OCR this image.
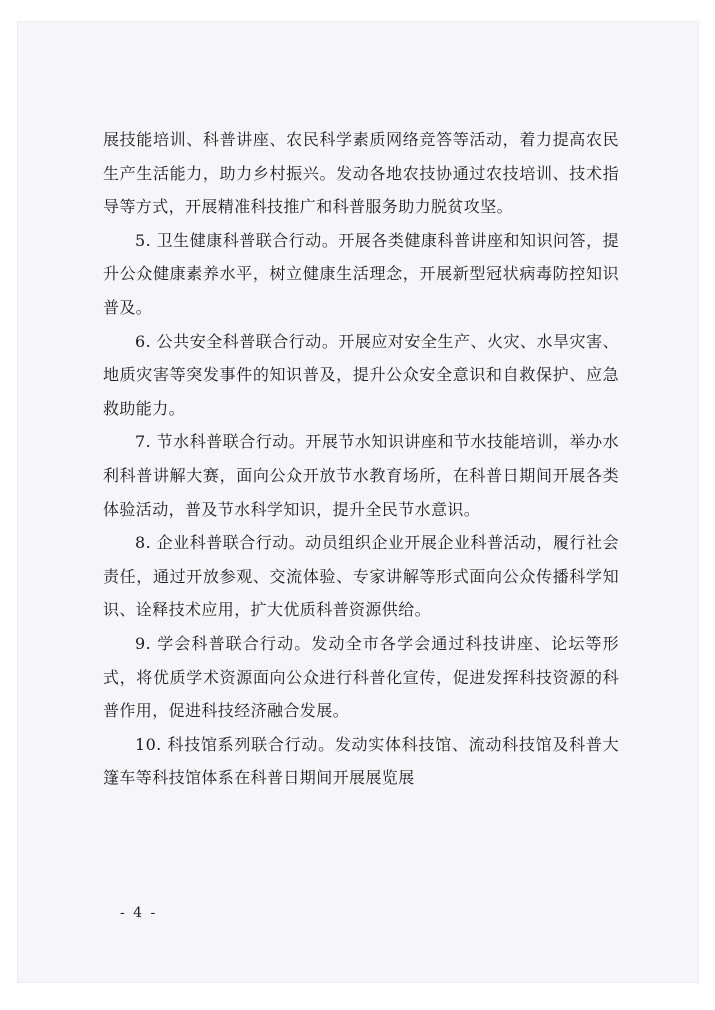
展技能培训、科普讲座、农民科学素质网络竞答等活动，着力提高农民生产生活能力，助力乡村振兴。发动各地农技协通过农技培训、技术指导等方式，开展精准科技推广和科普服务助力脱贫攻坚。

5. 卫生健康科普联合行动。开展各类健康科普讲座和知识问答，提升公众健康素养水平，树立健康生活理念，开展新型冠状病毒防控知识普及。

6. 公共安全科普联合行动。开展应对安全生产、火灾、水旱灾害、地质灾害等突发事件的知识普及，提升公众安全意识和自救保护、应急救助能力。

7. 节水科普联合行动。开展节水知识讲座和节水技能培训，举办水利科普讲解大赛，面向公众开放节水教育场所，在科普日期间开展各类体验活动，普及节水科学知识，提升全民节水意识。

8. 企业科普联合行动。动员组织企业开展企业科普活动，履行社会责任，通过开放参观、交流体验、专家讲解等形式面向公众传播科学知识、诠释技术应用，扩大优质科普资源供给。

9. 学会科普联合行动。发动全市各学会通过科技讲座、论坛等形式，将优质学术资源面向公众进行科普化宣传，促进发挥科技资源的科普作用，促进科技经济融合发展。

10. 科技馆系列联合行动。发动实体科技馆、流动科技馆及科普大篷车等科技馆体系在科普日期间开展展览展

- 4 -
